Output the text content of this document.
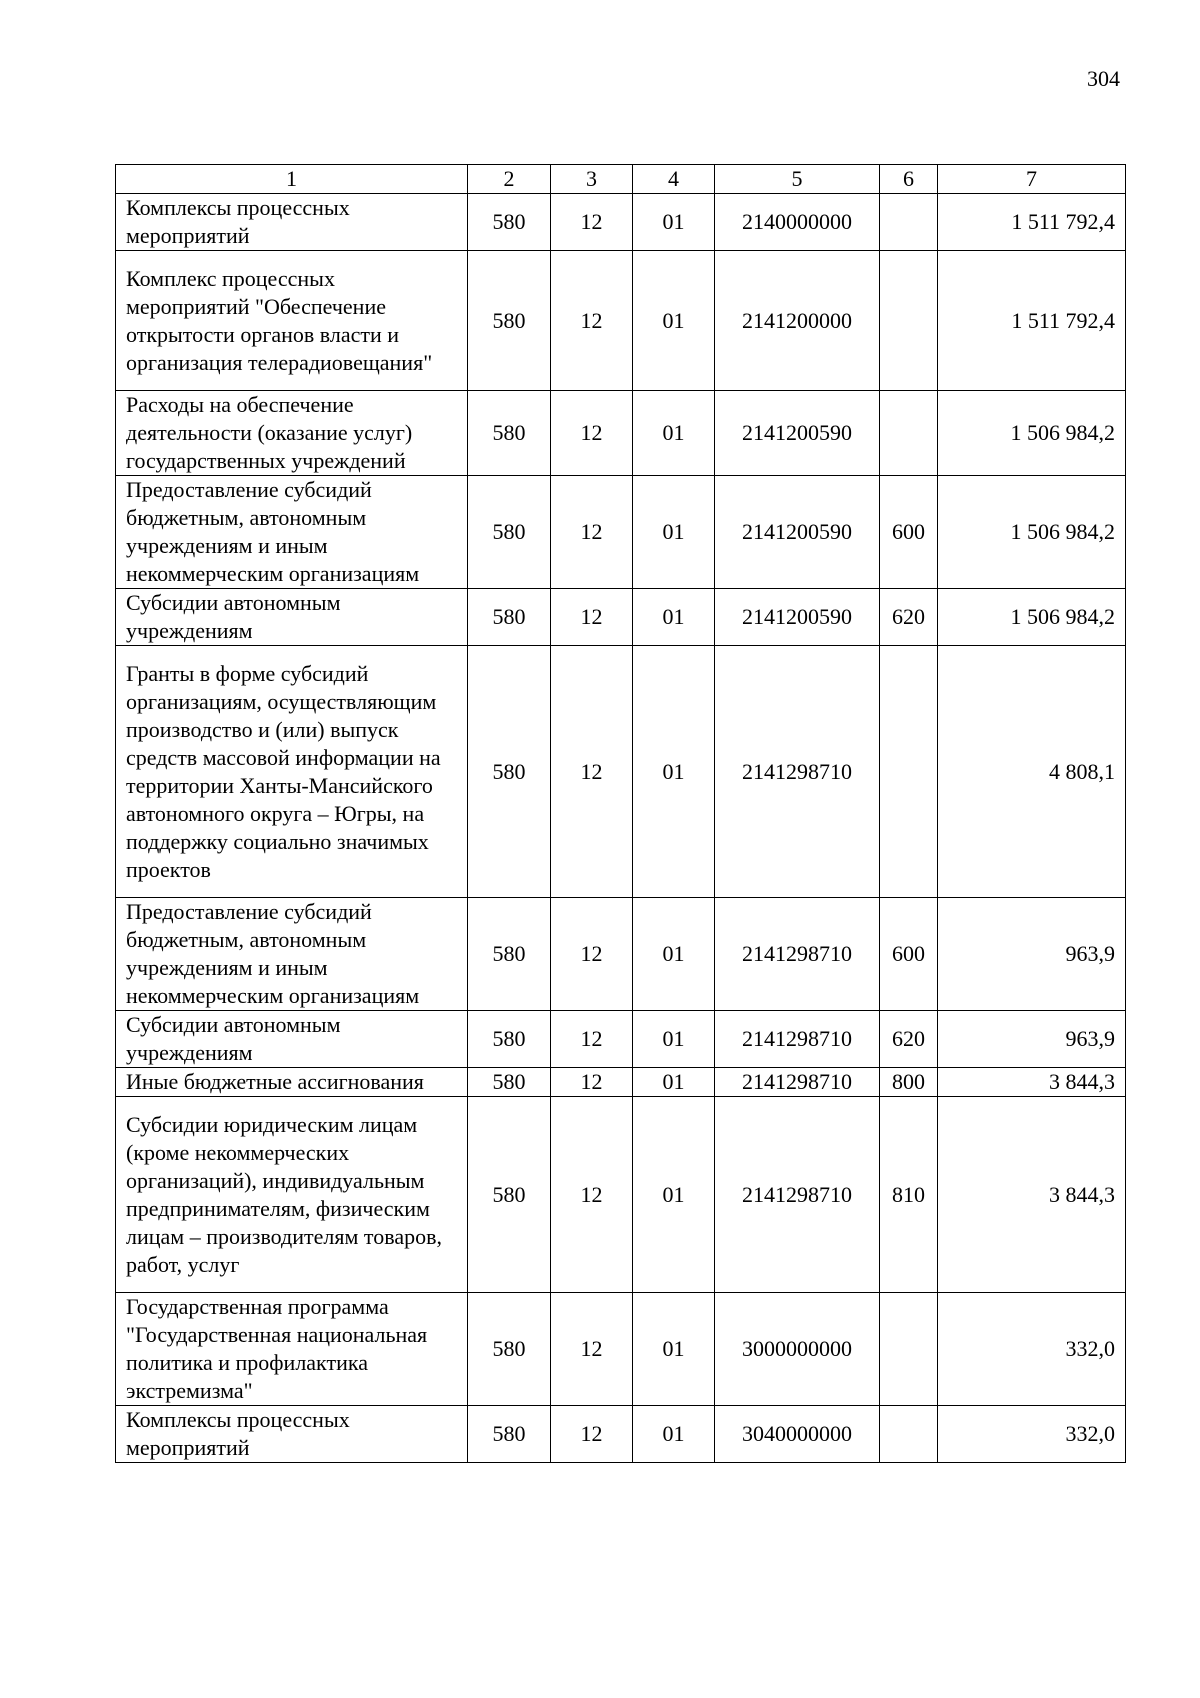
304
1	2	3	4	5	6	7
Комплексы процессных мероприятий	580	12	01	2140000000		1 511 792,4
Комплекс процессных мероприятий "Обеспечение открытости органов власти и организация телерадиовещания"	580	12	01	2141200000		1 511 792,4
Расходы на обеспечение деятельности (оказание услуг) государственных учреждений	580	12	01	2141200590		1 506 984,2
Предоставление субсидий бюджетным, автономным учреждениям и иным некоммерческим организациям	580	12	01	2141200590	600	1 506 984,2
Субсидии автономным учреждениям	580	12	01	2141200590	620	1 506 984,2
Гранты в форме субсидий организациям, осуществляющим производство и (или) выпуск средств массовой информации на территории Ханты-Мансийского автономного округа – Югры, на поддержку социально значимых проектов	580	12	01	2141298710		4 808,1
Предоставление субсидий бюджетным, автономным учреждениям и иным некоммерческим организациям	580	12	01	2141298710	600	963,9
Субсидии автономным учреждениям	580	12	01	2141298710	620	963,9
Иные бюджетные ассигнования	580	12	01	2141298710	800	3 844,3
Субсидии юридическим лицам (кроме некоммерческих организаций), индивидуальным предпринимателям, физическим лицам – производителям товаров, работ, услуг	580	12	01	2141298710	810	3 844,3
Государственная программа "Государственная национальная политика и профилактика экстремизма"	580	12	01	3000000000		332,0
Комплексы процессных мероприятий	580	12	01	3040000000		332,0
